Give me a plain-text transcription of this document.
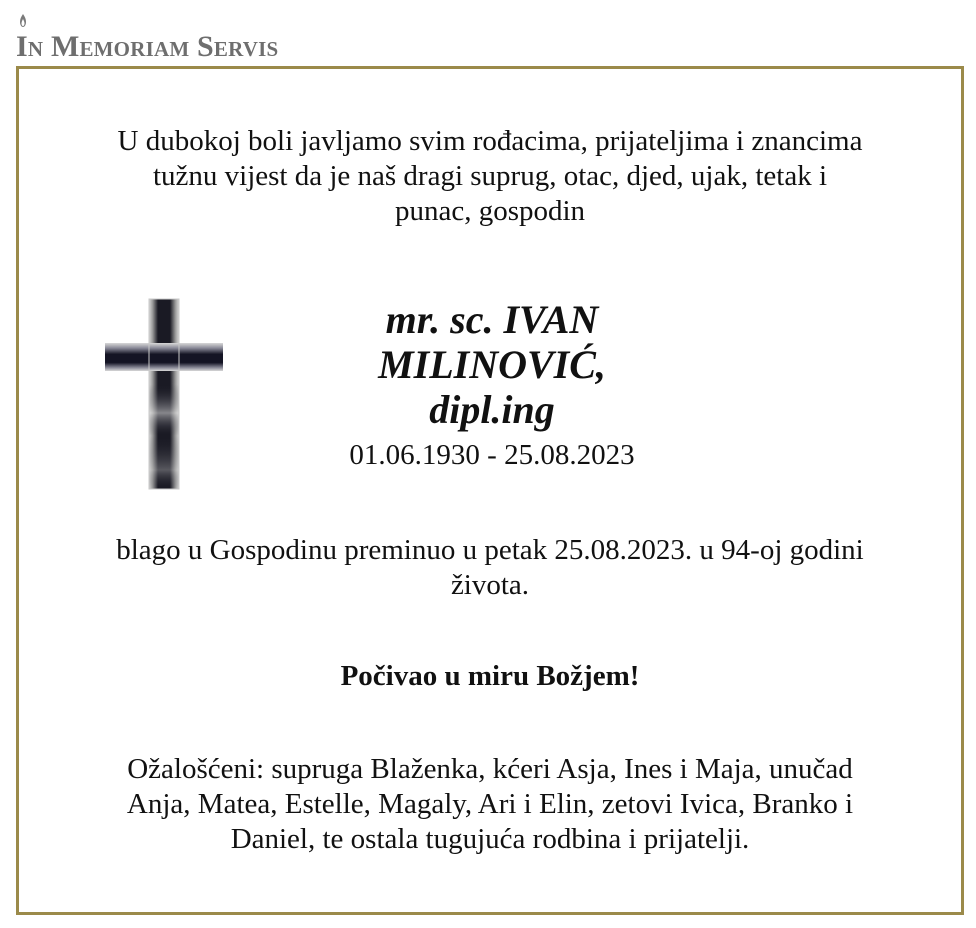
In Memoriam Servis
U dubokoj boli javljamo svim rođacima, prijateljima i znancima
tužnu vijest da je naš dragi suprug, otac, djed, ujak, tetak i
punac, gospodin
mr. sc. IVAN
MILINOVIĆ,
dipl.ing
01.06.1930 - 25.08.2023
blago u Gospodinu preminuo u petak 25.08.2023. u 94-oj godini
života.
Počivao u miru Božjem!
Ožalošćeni: supruga Blaženka, kćeri Asja, Ines i Maja, unučad
Anja, Matea, Estelle, Magaly, Ari i Elin, zetovi Ivica, Branko i
Daniel, te ostala tugujuća rodbina i prijatelji.
